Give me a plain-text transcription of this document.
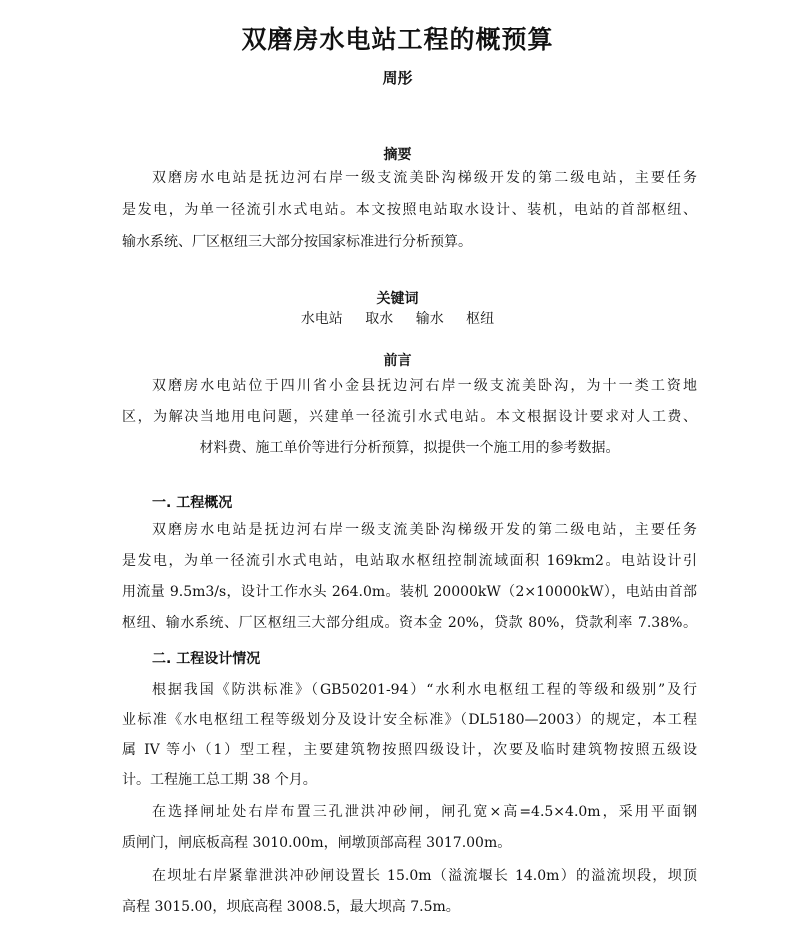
双磨房水电站工程的概预算
周彤
摘要
双磨房水电站是抚边河右岸一级支流美卧沟梯级开发的第二级电站，主要任务
是发电，为单一径流引水式电站。本文按照电站取水设计、装机，电站的首部枢纽、
输水系统、厂区枢纽三大部分按国家标准进行分析预算。
关键词
水电站 取水 输水 枢纽
前言
双磨房水电站位于四川省小金县抚边河右岸一级支流美卧沟，为十一类工资地
区，为解决当地用电问题，兴建单一径流引水式电站。本文根据设计要求对人工费、
材料费、施工单价等进行分析预算，拟提供一个施工用的参考数据。
一. 工程概况
双磨房水电站是抚边河右岸一级支流美卧沟梯级开发的第二级电站，主要任务
是发电，为单一径流引水式电站，电站取水枢纽控制流域面积 169km2。电站设计引
用流量 9.5m3/s，设计工作水头 264.0m。装机 20000kW（2×10000kW），电站由首部
枢纽、输水系统、厂区枢纽三大部分组成。资本金 20%，贷款 80%，贷款利率 7.38%。
二. 工程设计情况
根据我国《防洪标准》（GB50201-94）“水利水电枢纽工程的等级和级别”及行
业标准《水电枢纽工程等级划分及设计安全标准》（DL5180—2003）的规定，本工程
属 IV 等小（1）型工程，主要建筑物按照四级设计，次要及临时建筑物按照五级设
计。工程施工总工期 38 个月。
在选择闸址处右岸布置三孔泄洪冲砂闸，闸孔宽×高=4.5×4.0m，采用平面钢
质闸门，闸底板高程 3010.00m，闸墩顶部高程 3017.00m。
在坝址右岸紧靠泄洪冲砂闸设置长 15.0m（溢流堰长 14.0m）的溢流坝段，坝顶
高程 3015.00，坝底高程 3008.5，最大坝高 7.5m。
